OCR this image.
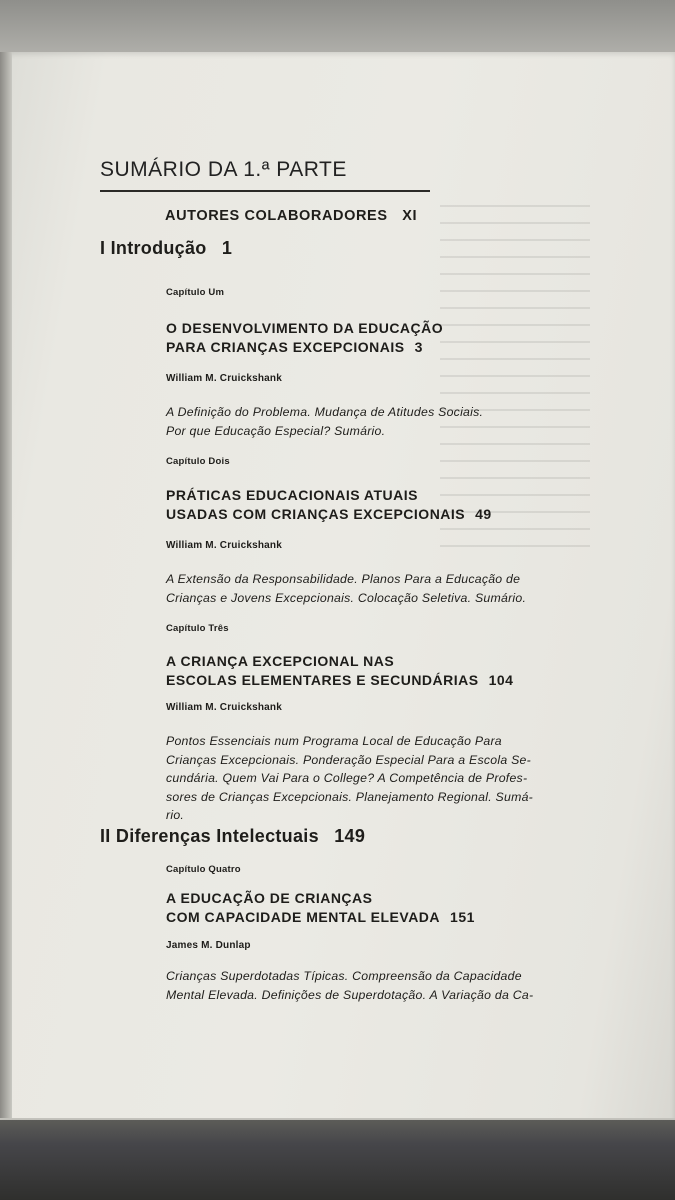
SUMÁRIO DA 1.ª PARTE
AUTORES COLABORADORES XI
I Introdução 1
Capítulo Um
O DESENVOLVIMENTO DA EDUCAÇÃO
PARA CRIANÇAS EXCEPCIONAIS 3
William M. Cruickshank
A Definição do Problema. Mudança de Atitudes Sociais.
Por que Educação Especial? Sumário.
Capítulo Dois
PRÁTICAS EDUCACIONAIS ATUAIS
USADAS COM CRIANÇAS EXCEPCIONAIS 49
William M. Cruickshank
A Extensão da Responsabilidade. Planos Para a Educação de
Crianças e Jovens Excepcionais. Colocação Seletiva. Sumário.
Capítulo Três
A CRIANÇA EXCEPCIONAL NAS
ESCOLAS ELEMENTARES E SECUNDÁRIAS 104
William M. Cruickshank
Pontos Essenciais num Programa Local de Educação Para
Crianças Excepcionais. Ponderação Especial Para a Escola Se-
cundária. Quem Vai Para o College? A Competência de Profes-
sores de Crianças Excepcionais. Planejamento Regional. Sumá-
rio.
II Diferenças Intelectuais 149
Capítulo Quatro
A EDUCAÇÃO DE CRIANÇAS
COM CAPACIDADE MENTAL ELEVADA 151
James M. Dunlap
Crianças Superdotadas Típicas. Compreensão da Capacidade
Mental Elevada. Definições de Superdotação. A Variação da Ca-
